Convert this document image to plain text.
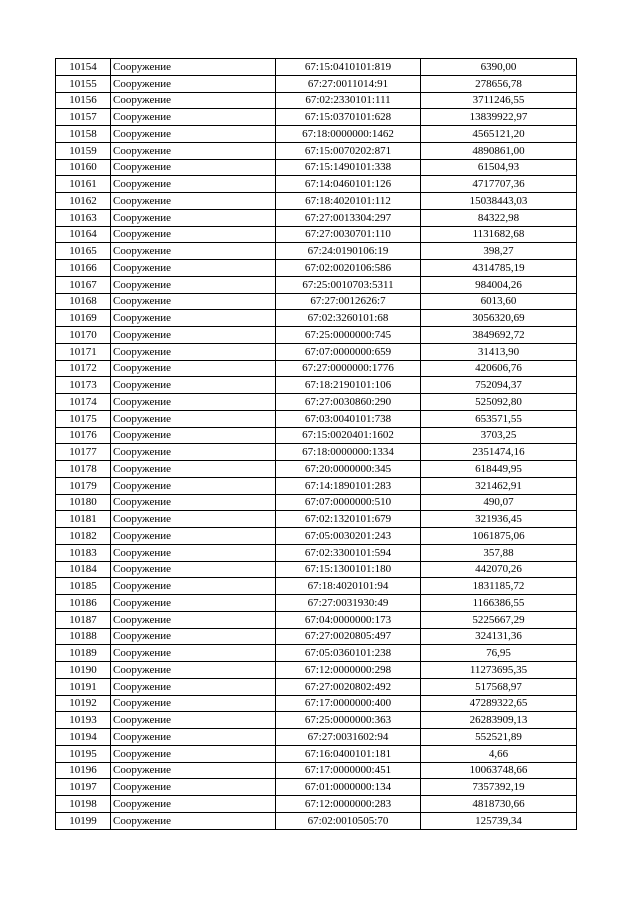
10154	Сооружение	67:15:0410101:819	6390,00
10155	Сооружение	67:27:0011014:91	278656,78
10156	Сооружение	67:02:2330101:111	3711246,55
10157	Сооружение	67:15:0370101:628	13839922,97
10158	Сооружение	67:18:0000000:1462	4565121,20
10159	Сооружение	67:15:0070202:871	4890861,00
10160	Сооружение	67:15:1490101:338	61504,93
10161	Сооружение	67:14:0460101:126	4717707,36
10162	Сооружение	67:18:4020101:112	15038443,03
10163	Сооружение	67:27:0013304:297	84322,98
10164	Сооружение	67:27:0030701:110	1131682,68
10165	Сооружение	67:24:0190106:19	398,27
10166	Сооружение	67:02:0020106:586	4314785,19
10167	Сооружение	67:25:0010703:5311	984004,26
10168	Сооружение	67:27:0012626:7	6013,60
10169	Сооружение	67:02:3260101:68	3056320,69
10170	Сооружение	67:25:0000000:745	3849692,72
10171	Сооружение	67:07:0000000:659	31413,90
10172	Сооружение	67:27:0000000:1776	420606,76
10173	Сооружение	67:18:2190101:106	752094,37
10174	Сооружение	67:27:0030860:290	525092,80
10175	Сооружение	67:03:0040101:738	653571,55
10176	Сооружение	67:15:0020401:1602	3703,25
10177	Сооружение	67:18:0000000:1334	2351474,16
10178	Сооружение	67:20:0000000:345	618449,95
10179	Сооружение	67:14:1890101:283	321462,91
10180	Сооружение	67:07:0000000:510	490,07
10181	Сооружение	67:02:1320101:679	321936,45
10182	Сооружение	67:05:0030201:243	1061875,06
10183	Сооружение	67:02:3300101:594	357,88
10184	Сооружение	67:15:1300101:180	442070,26
10185	Сооружение	67:18:4020101:94	1831185,72
10186	Сооружение	67:27:0031930:49	1166386,55
10187	Сооружение	67:04:0000000:173	5225667,29
10188	Сооружение	67:27:0020805:497	324131,36
10189	Сооружение	67:05:0360101:238	76,95
10190	Сооружение	67:12:0000000:298	11273695,35
10191	Сооружение	67:27:0020802:492	517568,97
10192	Сооружение	67:17:0000000:400	47289322,65
10193	Сооружение	67:25:0000000:363	26283909,13
10194	Сооружение	67:27:0031602:94	552521,89
10195	Сооружение	67:16:0400101:181	4,66
10196	Сооружение	67:17:0000000:451	10063748,66
10197	Сооружение	67:01:0000000:134	7357392,19
10198	Сооружение	67:12:0000000:283	4818730,66
10199	Сооружение	67:02:0010505:70	125739,34
